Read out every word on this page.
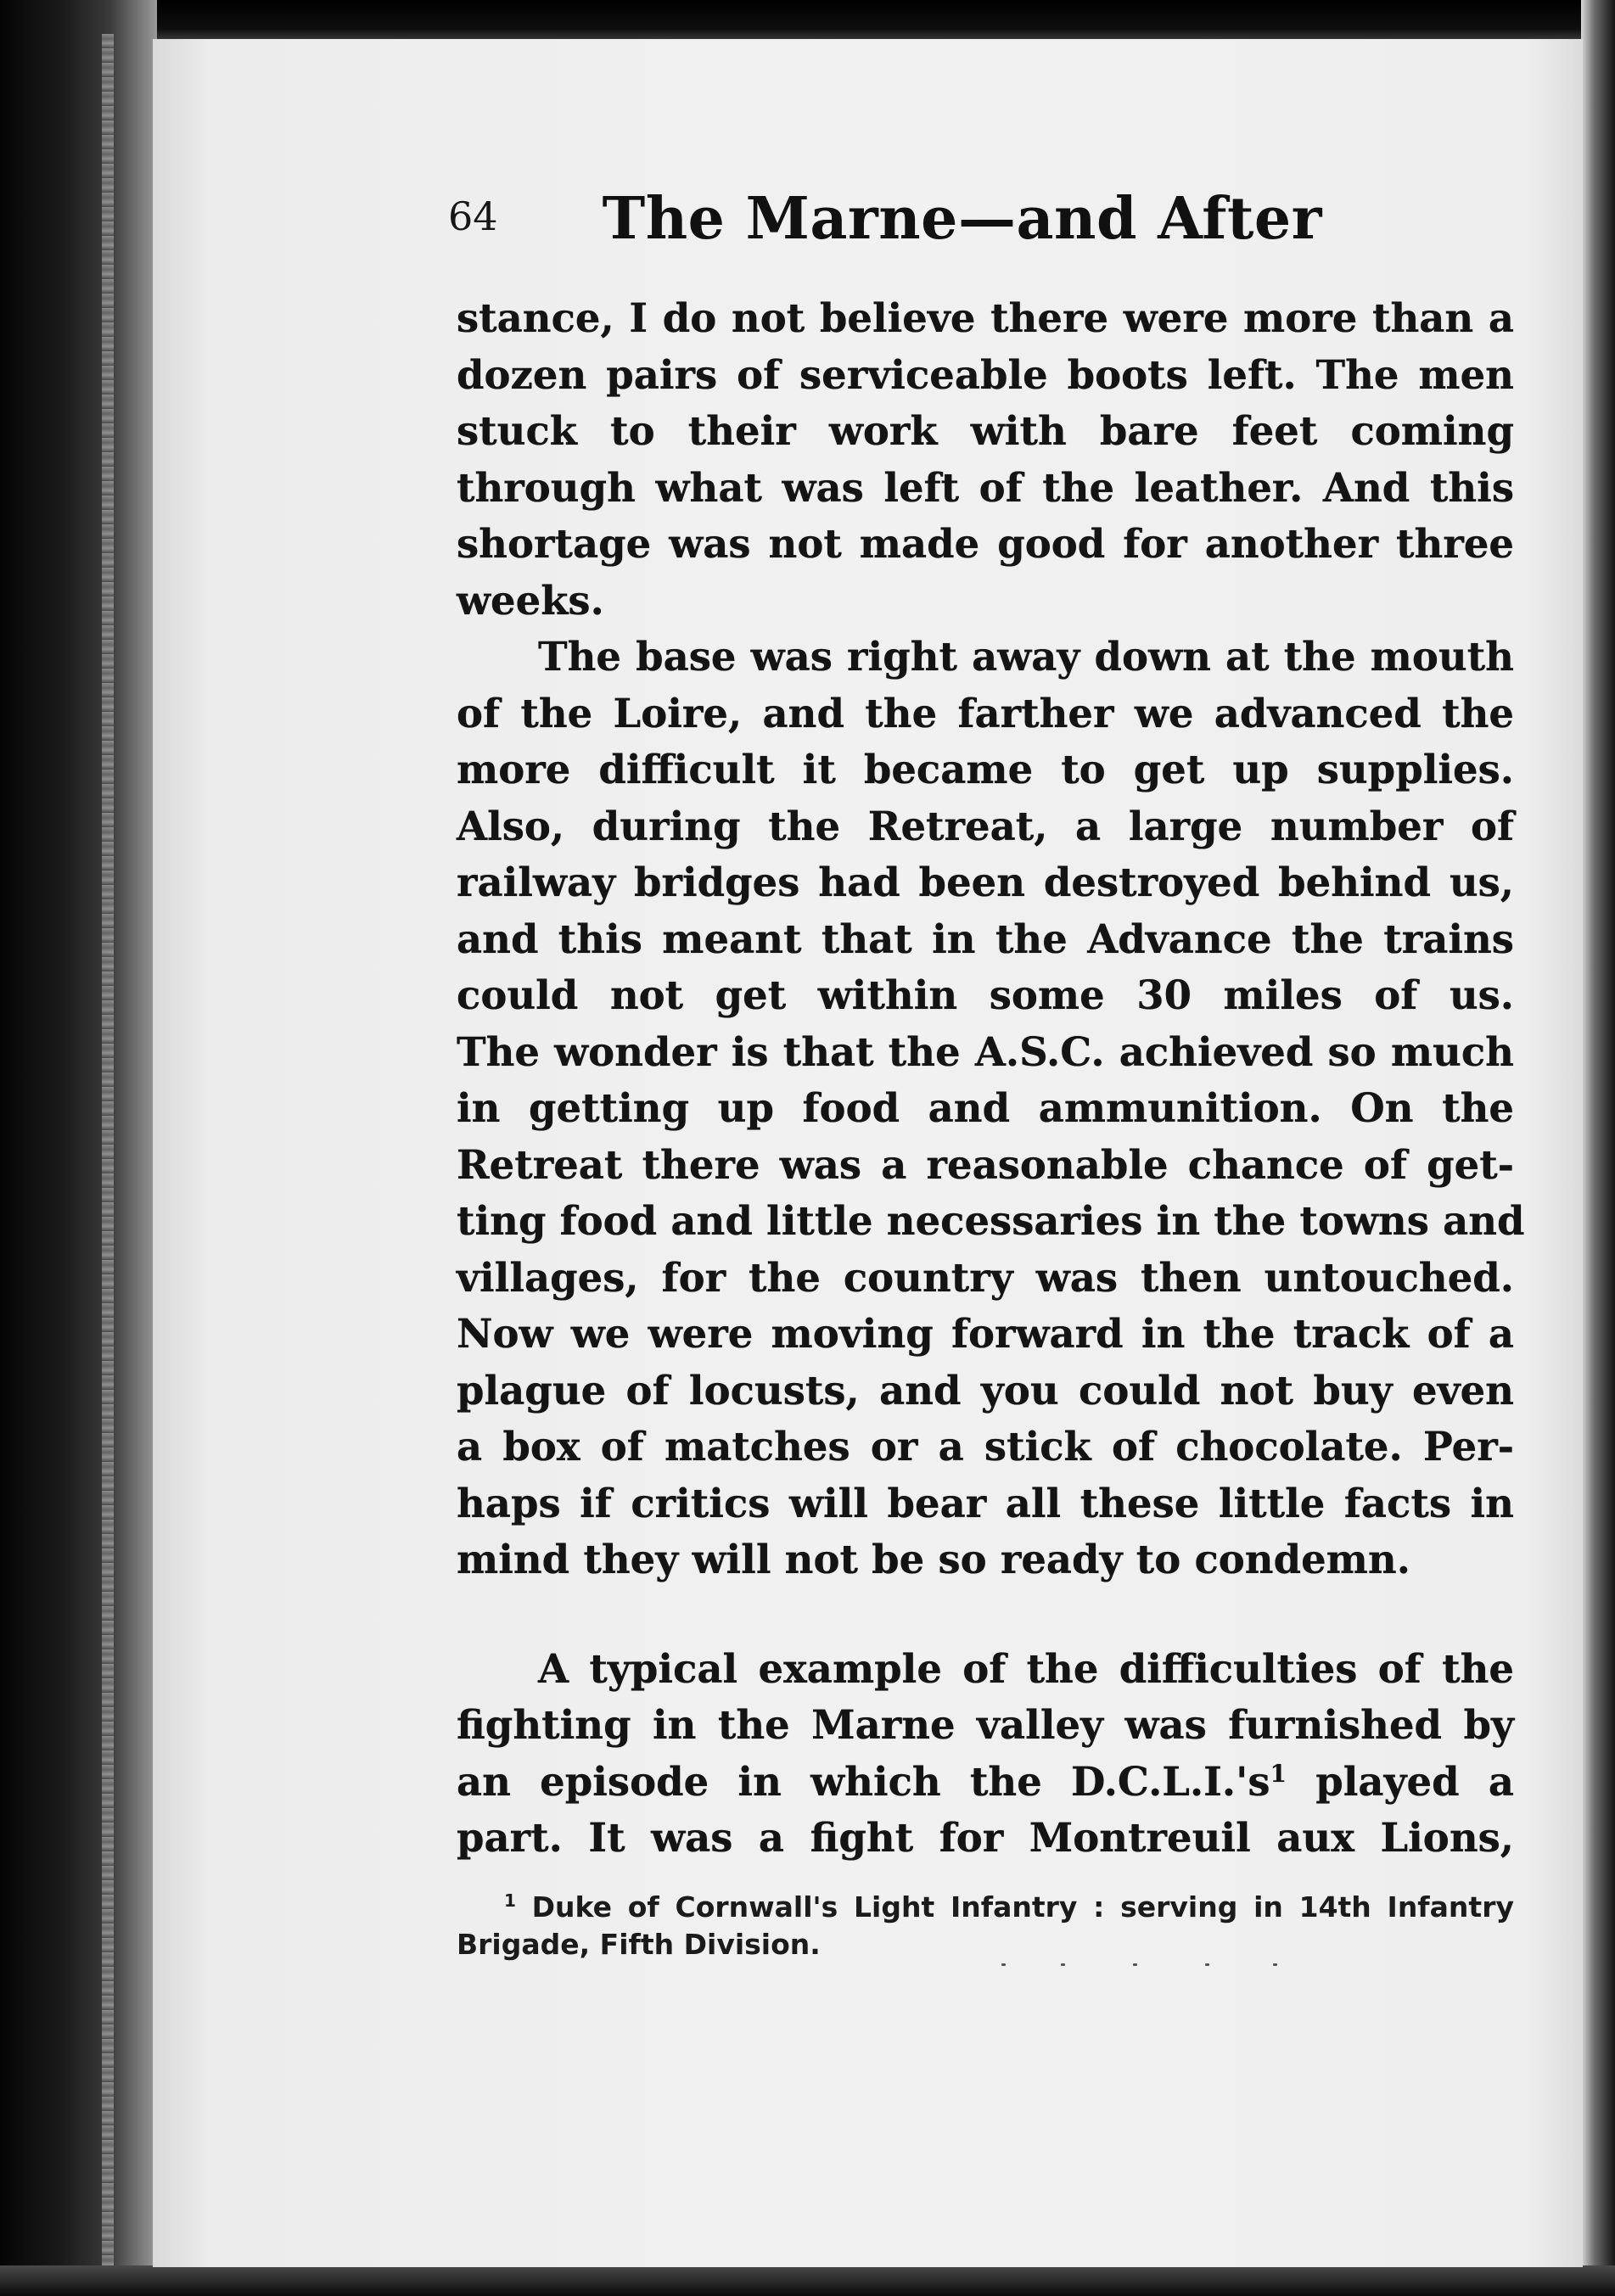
64 The Marne—and After
stance, I do not believe there were more than a
dozen pairs of serviceable boots left. The men
stuck to their work with bare feet coming
through what was left of the leather. And this
shortage was not made good for another three
weeks.
The base was right away down at the mouth
of the Loire, and the farther we advanced the
more difficult it became to get up supplies.
Also, during the Retreat, a large number of
railway bridges had been destroyed behind us,
and this meant that in the Advance the trains
could not get within some 30 miles of us.
The wonder is that the A.S.C. achieved so much
in getting up food and ammunition. On the
Retreat there was a reasonable chance of get-
ting food and little necessaries in the towns and
villages, for the country was then untouched.
Now we were moving forward in the track of a
plague of locusts, and you could not buy even
a box of matches or a stick of chocolate. Per-
haps if critics will bear all these little facts in
mind they will not be so ready to condemn.
A typical example of the difficulties of the
fighting in the Marne valley was furnished by
an episode in which the D.C.L.I.'s$^1$ played a
part. It was a fight for Montreuil aux Lions,
$^1$ Duke of Cornwall's Light Infantry : serving in 14th Infantry
Brigade, Fifth Division.
